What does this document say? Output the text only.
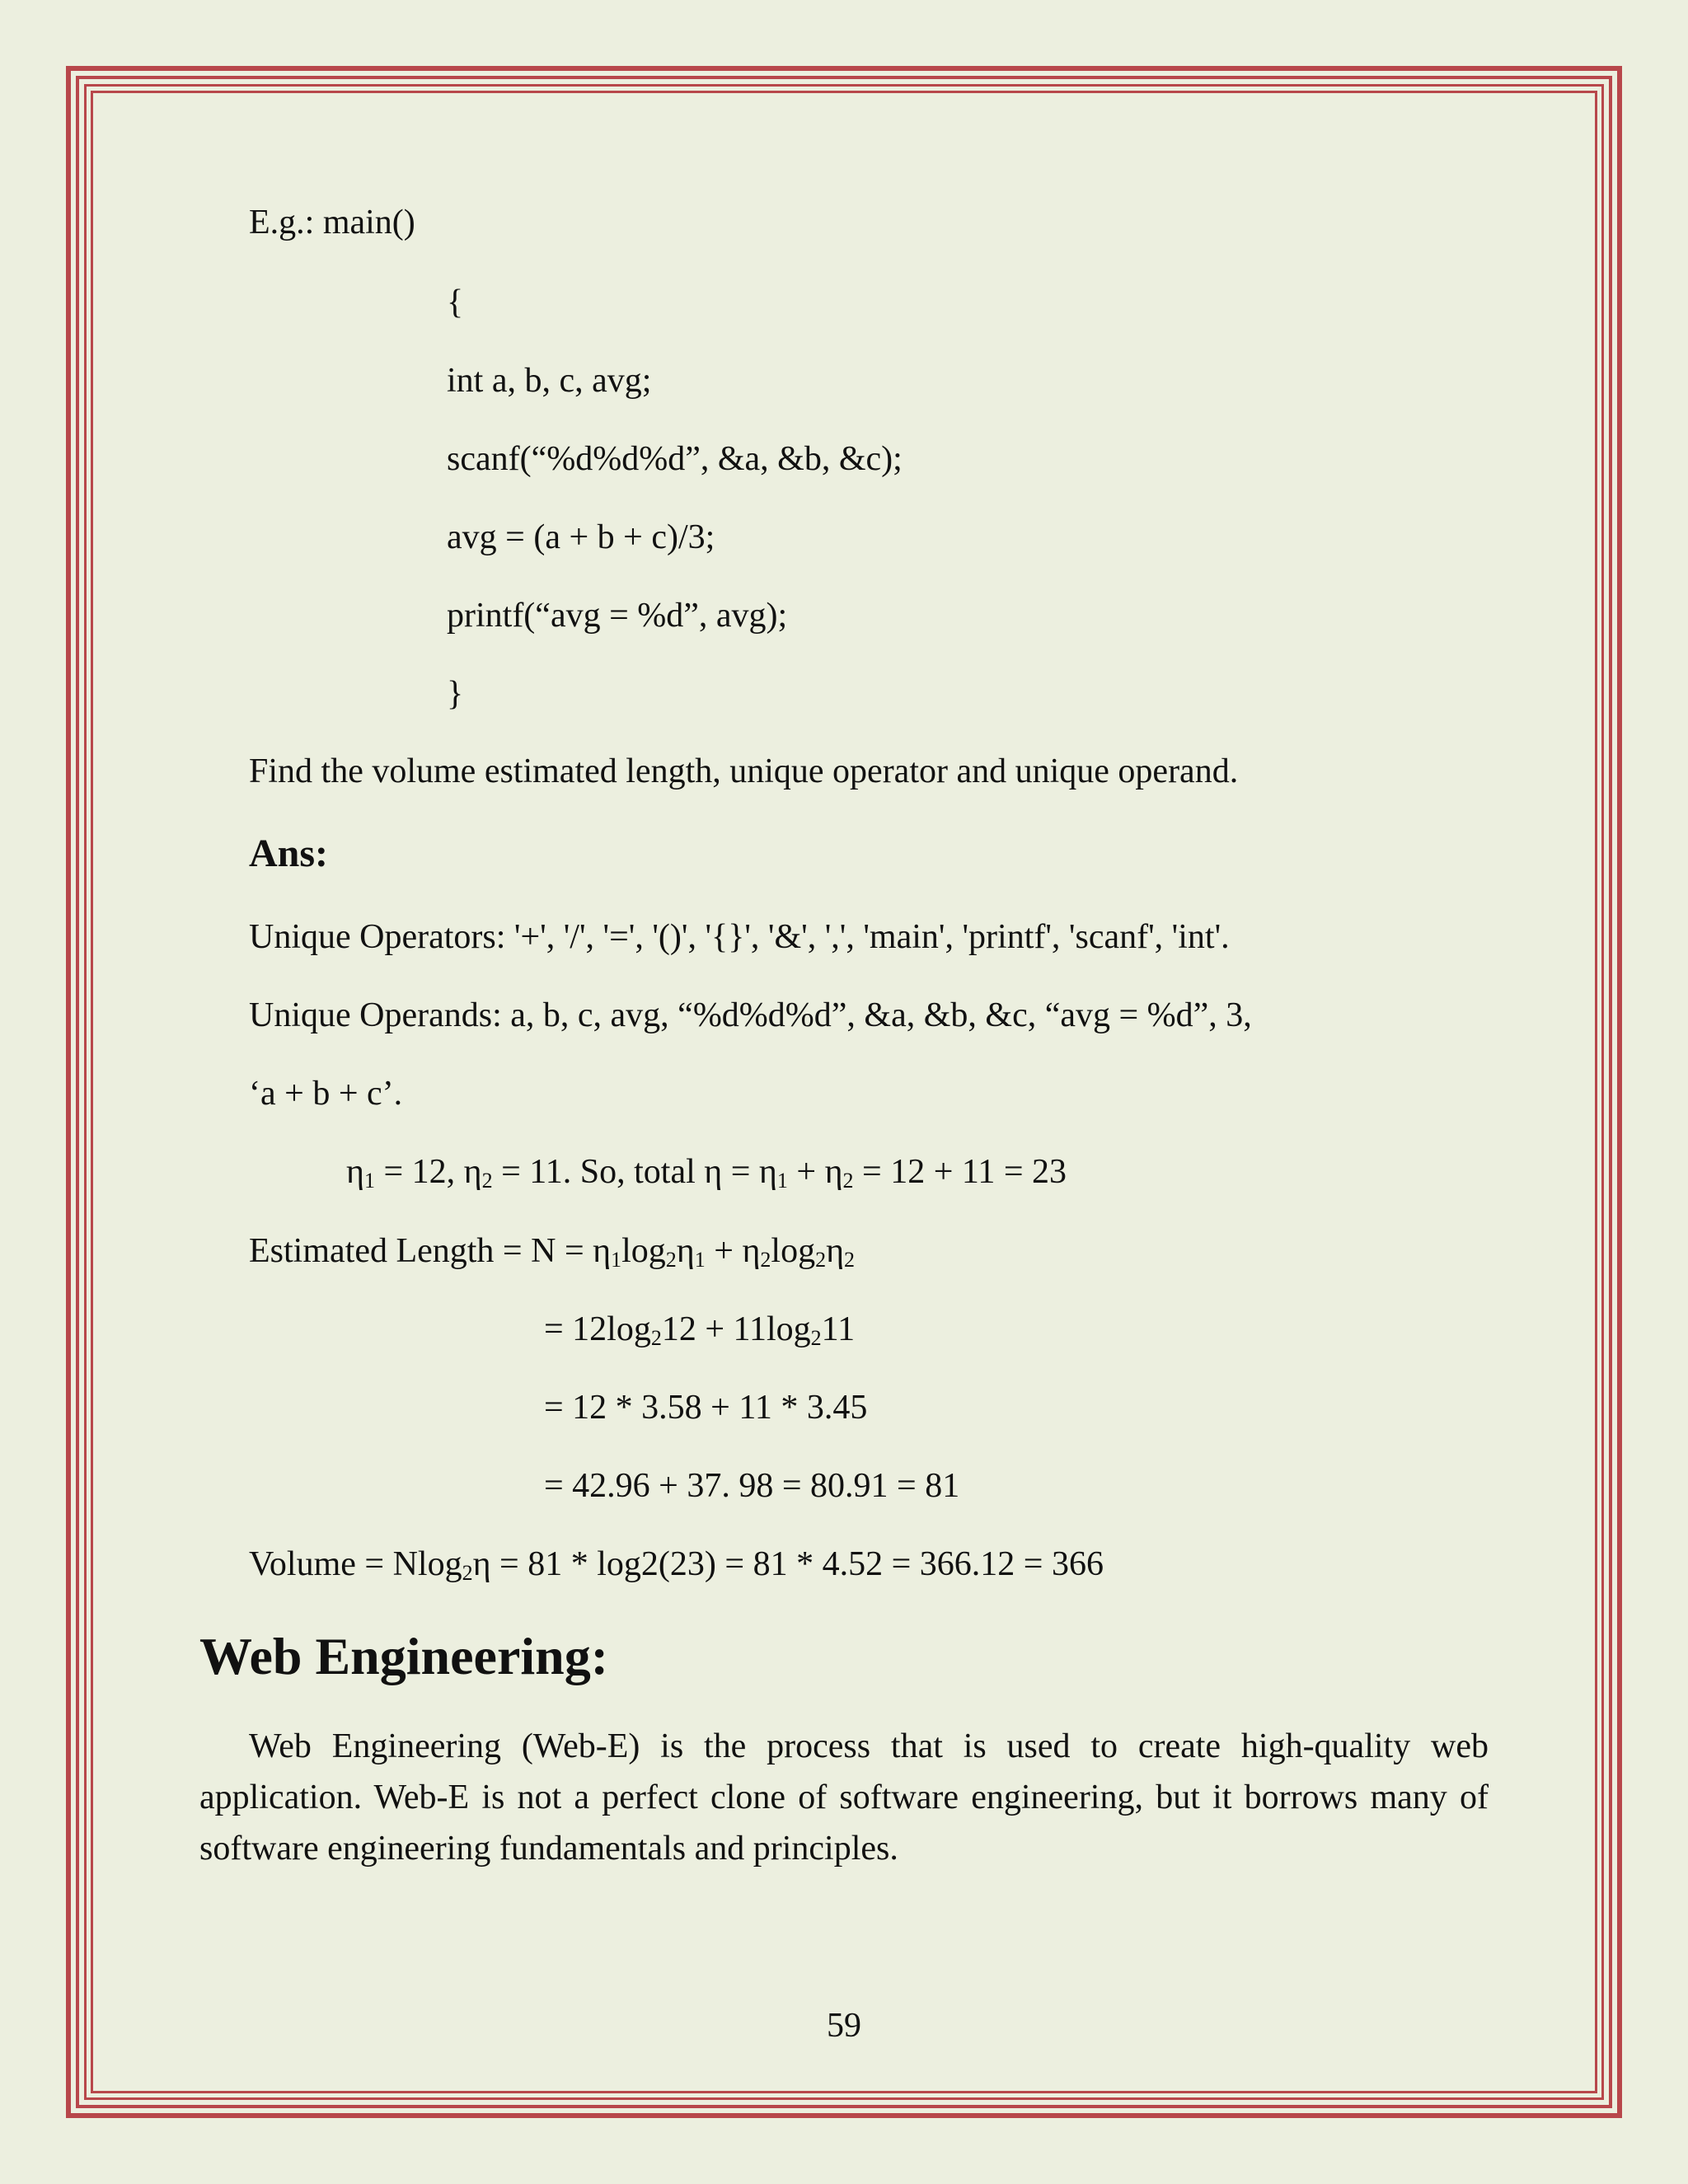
E.g.: main()
{
int a, b, c, avg;
scanf(“%d%d%d”, &a, &b, &c);
avg = (a + b + c)/3;
printf(“avg = %d”, avg);
}
Find the volume estimated length, unique operator and unique operand.
Ans:
Unique Operators: '+', '/', '=', '()', '{}', '&', ',', 'main', 'printf', 'scanf', 'int'.
Unique Operands: a, b, c, avg, “%d%d%d”, &a, &b, &c, “avg = %d”, 3,
‘a + b + c’.
$\eta_1 = 12$, $\eta_2 = 11$. So, total $\eta = \eta_1 + \eta_2 = 12 + 11 = 23$
Estimated Length = $N = \eta_1\log_2\eta_1 + \eta_2\log_2\eta_2$
= $12\log_212 + 11\log_211$
= 12 * 3.58 + 11 * 3.45
= 42.96 + 37. 98 = 80.91 = 81
Volume = Nlog$_2$η = 81 * log2(23) = 81 * 4.52 = 366.12 = 366
Web Engineering:
Web Engineering (Web-E) is the process that is used to create high-quality web application. Web-E is not a perfect clone of software engineering, but it borrows many of software engineering fundamentals and principles.
59
